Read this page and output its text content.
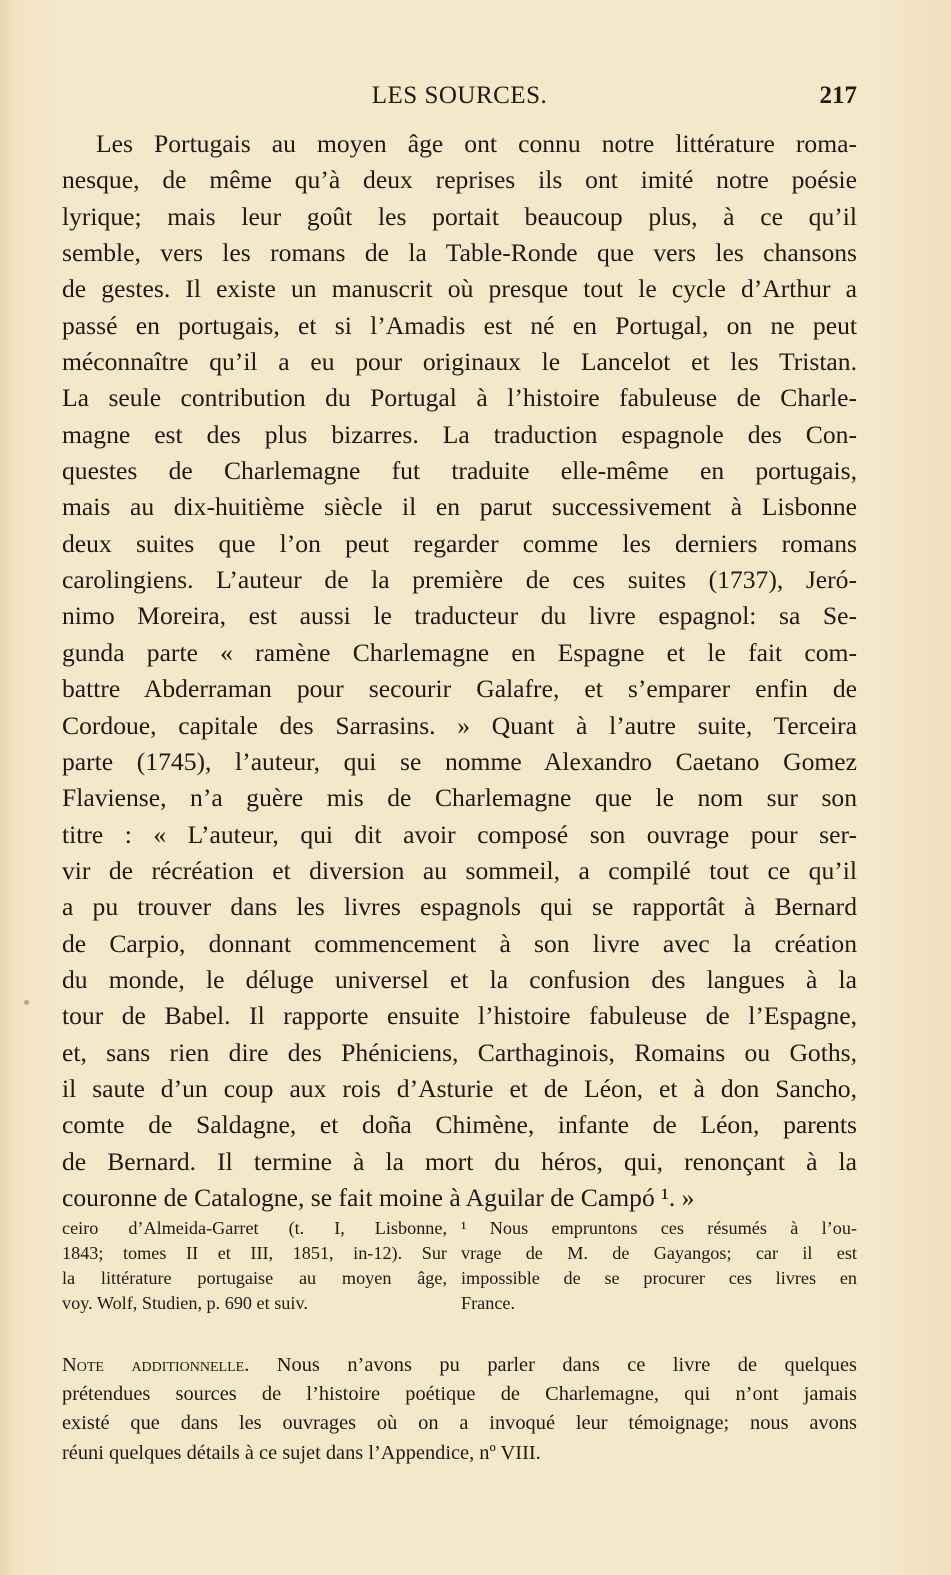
LES SOURCES.	217
Les Portugais au moyen âge ont connu notre littérature roma-
nesque, de même qu’à deux reprises ils ont imité notre poésie
lyrique; mais leur goût les portait beaucoup plus, à ce qu’il
semble, vers les romans de la Table-Ronde que vers les chansons
de gestes. Il existe un manuscrit où presque tout le cycle d’Arthur a
passé en portugais, et si l’Amadis est né en Portugal, on ne peut
méconnaître qu’il a eu pour originaux le Lancelot et les Tristan.
La seule contribution du Portugal à l’histoire fabuleuse de Charle-
magne est des plus bizarres. La traduction espagnole des Con-
questes de Charlemagne fut traduite elle-même en portugais,
mais au dix-huitième siècle il en parut successivement à Lisbonne
deux suites que l’on peut regarder comme les derniers romans
carolingiens. L’auteur de la première de ces suites (1737), Jeró-
nimo Moreira, est aussi le traducteur du livre espagnol: sa Se-
gunda parte « ramène Charlemagne en Espagne et le fait com-
battre Abderraman pour secourir Galafre, et s’emparer enfin de
Cordoue, capitale des Sarrasins. » Quant à l’autre suite, Terceira
parte (1745), l’auteur, qui se nomme Alexandro Caetano Gomez
Flaviense, n’a guère mis de Charlemagne que le nom sur son
titre : « L’auteur, qui dit avoir composé son ouvrage pour ser-
vir de récréation et diversion au sommeil, a compilé tout ce qu’il
a pu trouver dans les livres espagnols qui se rapportât à Bernard
de Carpio, donnant commencement à son livre avec la création
du monde, le déluge universel et la confusion des langues à la
tour de Babel. Il rapporte ensuite l’histoire fabuleuse de l’Espagne,
et, sans rien dire des Phéniciens, Carthaginois, Romains ou Goths,
il saute d’un coup aux rois d’Asturie et de Léon, et à don Sancho,
comte de Saldagne, et doña Chimène, infante de Léon, parents
de Bernard. Il termine à la mort du héros, qui, renonçant à la
couronne de Catalogne, se fait moine à Aguilar de Campó ¹. »
ceiro d’Almeida-Garret (t. I, Lisbonne,
1843; tomes II et III, 1851, in-12). Sur
la littérature portugaise au moyen âge,
voy. Wolf, Studien, p. 690 et suiv.
¹ Nous empruntons ces résumés à l’ou-
vrage de M. de Gayangos; car il est
impossible de se procurer ces livres en
France.
Note additionnelle. Nous n’avons pu parler dans ce livre de quelques
prétendues sources de l’histoire poétique de Charlemagne, qui n’ont jamais
existé que dans les ouvrages où on a invoqué leur témoignage; nous avons
réuni quelques détails à ce sujet dans l’Appendice, nº VIII.
